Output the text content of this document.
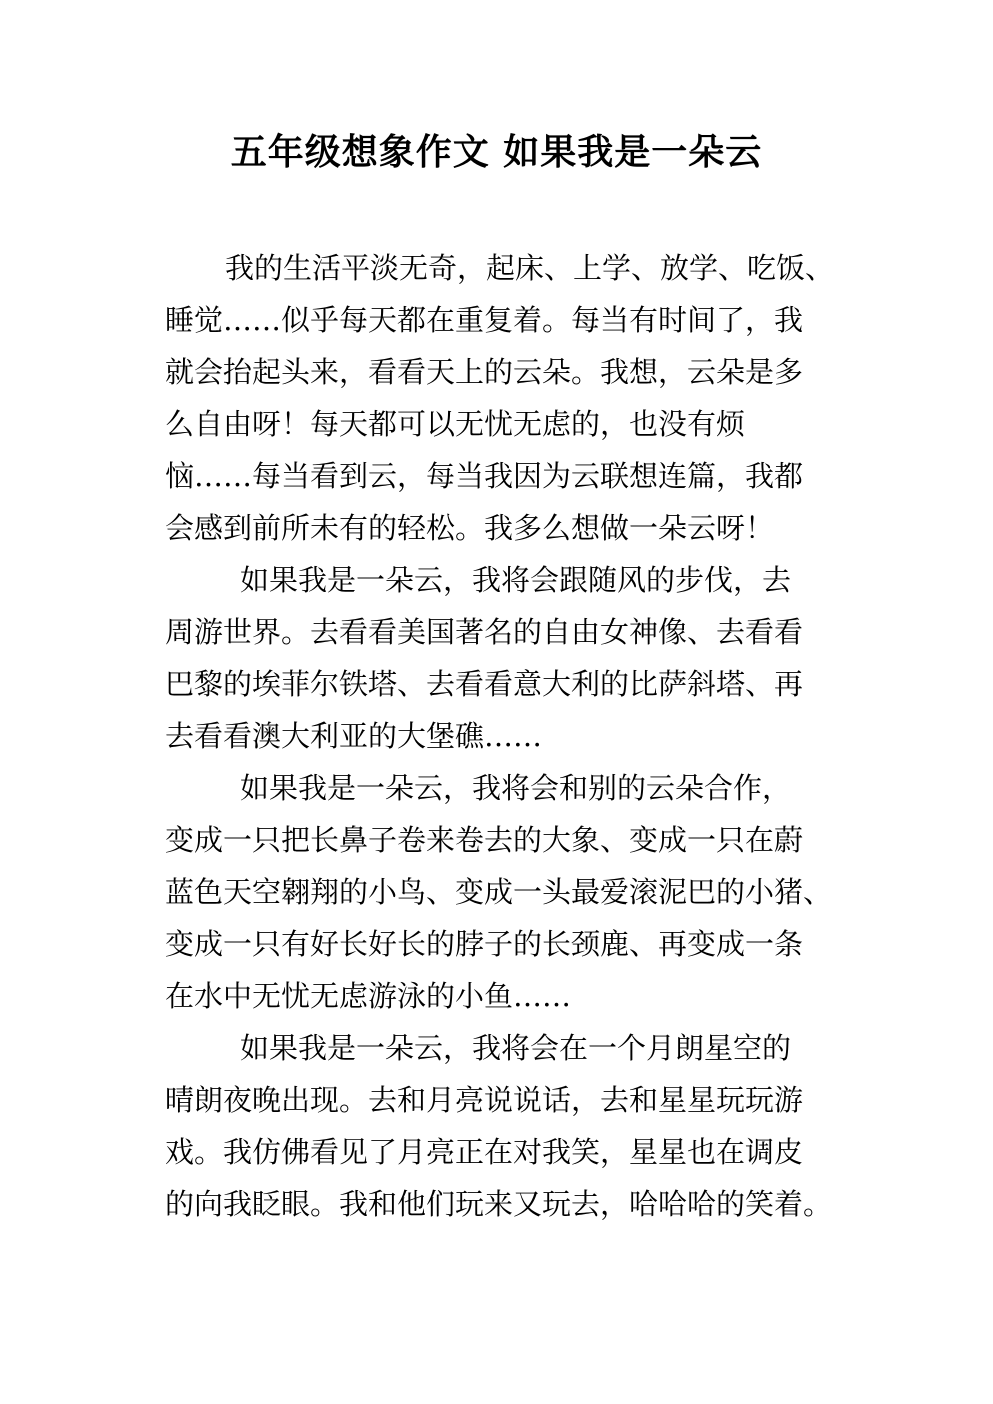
五年级想象作文 如果我是一朵云
我的生活平淡无奇，起床、上学、放学、吃饭、
睡觉……似乎每天都在重复着。每当有时间了，我
就会抬起头来，看看天上的云朵。我想，云朵是多
么自由呀！每天都可以无忧无虑的，也没有烦
恼……每当看到云，每当我因为云联想连篇，我都
会感到前所未有的轻松。我多么想做一朵云呀！
如果我是一朵云，我将会跟随风的步伐，去
周游世界。去看看美国著名的自由女神像、去看看
巴黎的埃菲尔铁塔、去看看意大利的比萨斜塔、再
去看看澳大利亚的大堡礁……
如果我是一朵云，我将会和别的云朵合作，
变成一只把长鼻子卷来卷去的大象、变成一只在蔚
蓝色天空翱翔的小鸟、变成一头最爱滚泥巴的小猪、
变成一只有好长好长的脖子的长颈鹿、再变成一条
在水中无忧无虑游泳的小鱼……
如果我是一朵云，我将会在一个月朗星空的
晴朗夜晚出现。去和月亮说说话，去和星星玩玩游
戏。我仿佛看见了月亮正在对我笑，星星也在调皮
的向我眨眼。我和他们玩来又玩去，哈哈哈的笑着。
